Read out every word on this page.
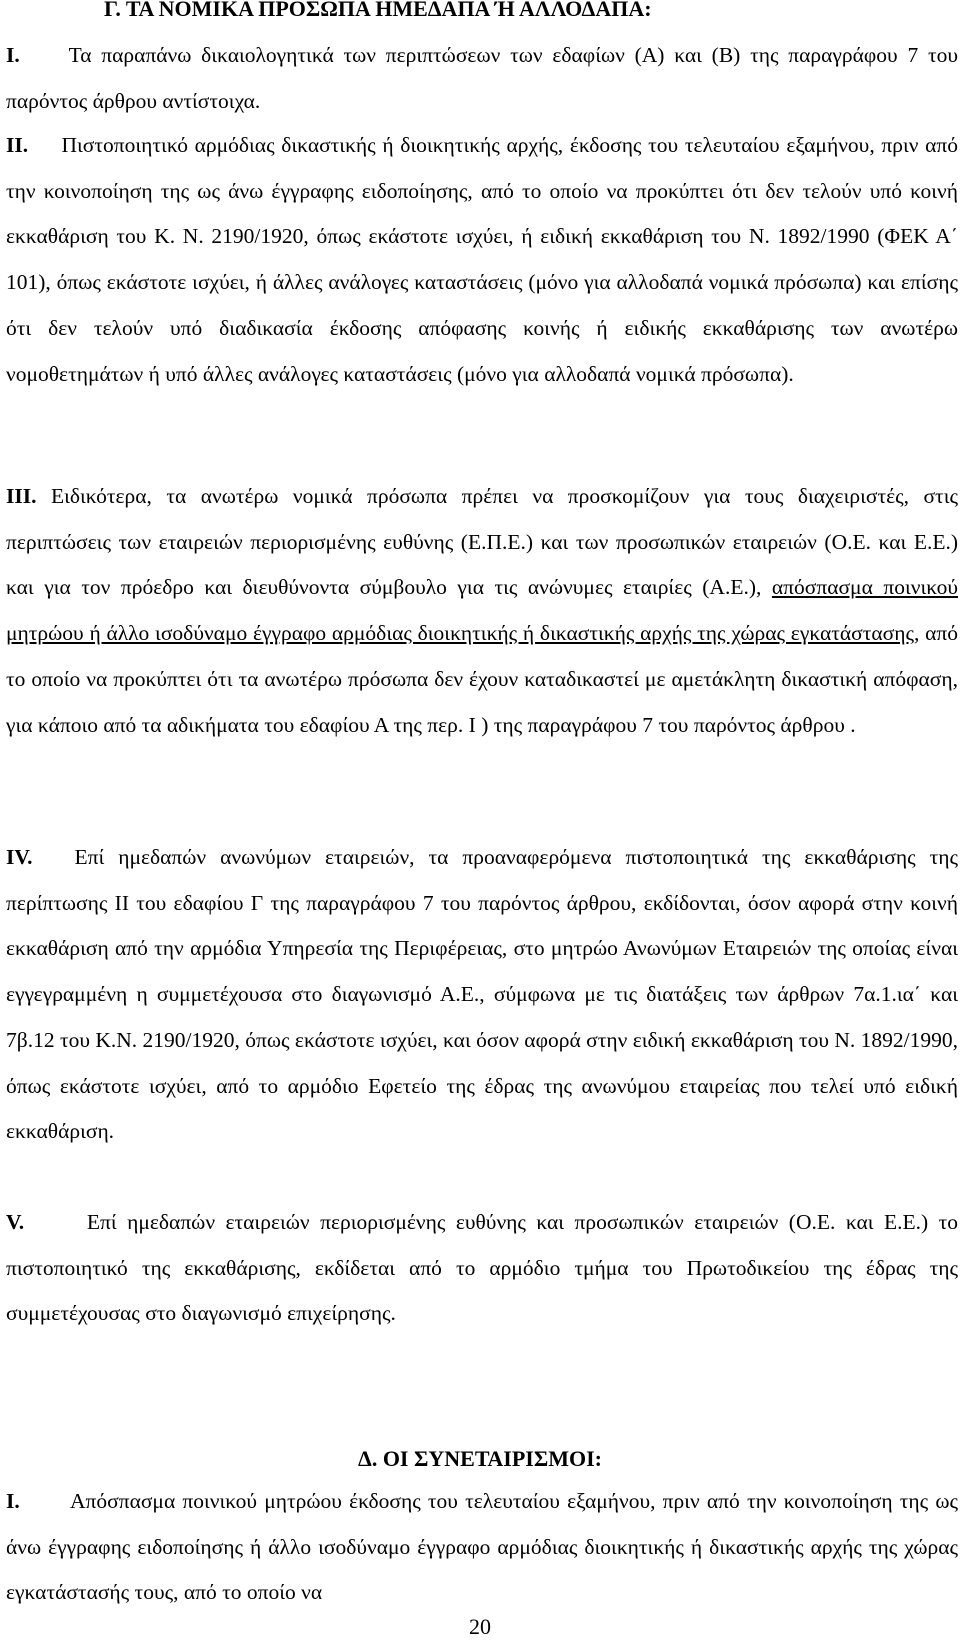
Γ. ΤΑ ΝΟΜΙΚΑ ΠΡΟΣΩΠΑ ΗΜΕΔΑΠΑ Ή ΑΛΛΟΔΑΠΑ:

I. Τα παραπάνω δικαιολογητικά των περιπτώσεων των εδαφίων (Α) και (Β) της παραγράφου 7 του παρόντος άρθρου αντίστοιχα.

II. Πιστοποιητικό αρμόδιας δικαστικής ή διοικητικής αρχής, έκδοσης του τελευταίου εξαμήνου, πριν από την κοινοποίηση της ως άνω έγγραφης ειδοποίησης, από το οποίο να προκύπτει ότι δεν τελούν υπό κοινή εκκαθάριση του Κ. Ν. 2190/1920, όπως εκάστοτε ισχύει, ή ειδική εκκαθάριση του Ν. 1892/1990 (ΦΕΚ Α΄ 101), όπως εκάστοτε ισχύει, ή άλλες ανάλογες καταστάσεις (μόνο για αλλοδαπά νομικά πρόσωπα) και επίσης ότι δεν τελούν υπό διαδικασία έκδοσης απόφασης κοινής ή ειδικής εκκαθάρισης των ανωτέρω νομοθετημάτων ή υπό άλλες ανάλογες καταστάσεις (μόνο για αλλοδαπά νομικά πρόσωπα).

III. Ειδικότερα, τα ανωτέρω νομικά πρόσωπα πρέπει να προσκομίζουν για τους διαχειριστές, στις περιπτώσεις των εταιρειών περιορισμένης ευθύνης (Ε.Π.Ε.) και των προσωπικών εταιρειών (Ο.Ε. και Ε.Ε.) και για τον πρόεδρο και διευθύνοντα σύμβουλο για τις ανώνυμες εταιρίες (Α.Ε.), απόσπασμα ποινικού μητρώου ή άλλο ισοδύναμο έγγραφο αρμόδιας διοικητικής ή δικαστικής αρχής της χώρας εγκατάστασης, από το οποίο να προκύπτει ότι τα ανωτέρω πρόσωπα δεν έχουν καταδικαστεί με αμετάκλητη δικαστική απόφαση, για κάποιο από τα αδικήματα του εδαφίου Α της περ. I ) της παραγράφου 7 του παρόντος άρθρου .

IV. Επί ημεδαπών ανωνύμων εταιρειών, τα προαναφερόμενα πιστοποιητικά της εκκαθάρισης της περίπτωσης ΙΙ του εδαφίου Γ της παραγράφου 7 του παρόντος άρθρου, εκδίδονται, όσον αφορά στην κοινή εκκαθάριση από την αρμόδια Υπηρεσία της Περιφέρειας, στο μητρώο Ανωνύμων Εταιρειών της οποίας είναι εγγεγραμμένη η συμμετέχουσα στο διαγωνισμό Α.Ε., σύμφωνα με τις διατάξεις των άρθρων 7α.1.ια΄ και 7β.12 του Κ.Ν. 2190/1920, όπως εκάστοτε ισχύει, και όσον αφορά στην ειδική εκκαθάριση του Ν. 1892/1990, όπως εκάστοτε ισχύει, από το αρμόδιο Εφετείο της έδρας της ανωνύμου εταιρείας που τελεί υπό ειδική εκκαθάριση.

V.	Επί ημεδαπών εταιρειών περιορισμένης ευθύνης και προσωπικών εταιρειών (Ο.Ε. και Ε.Ε.) το πιστοποιητικό της εκκαθάρισης, εκδίδεται από το αρμόδιο τμήμα του Πρωτοδικείου της έδρας της συμμετέχουσας στο διαγωνισμό επιχείρησης.

Δ. ΟΙ ΣΥΝΕΤΑΙΡΙΣΜΟΙ:

I. Απόσπασμα ποινικού μητρώου έκδοσης του τελευταίου εξαμήνου, πριν από την κοινοποίηση της ως άνω έγγραφης ειδοποίησης ή άλλο ισοδύναμο έγγραφο αρμόδιας διοικητικής ή δικαστικής αρχής της χώρας εγκατάστασής τους, από το οποίο να

20
